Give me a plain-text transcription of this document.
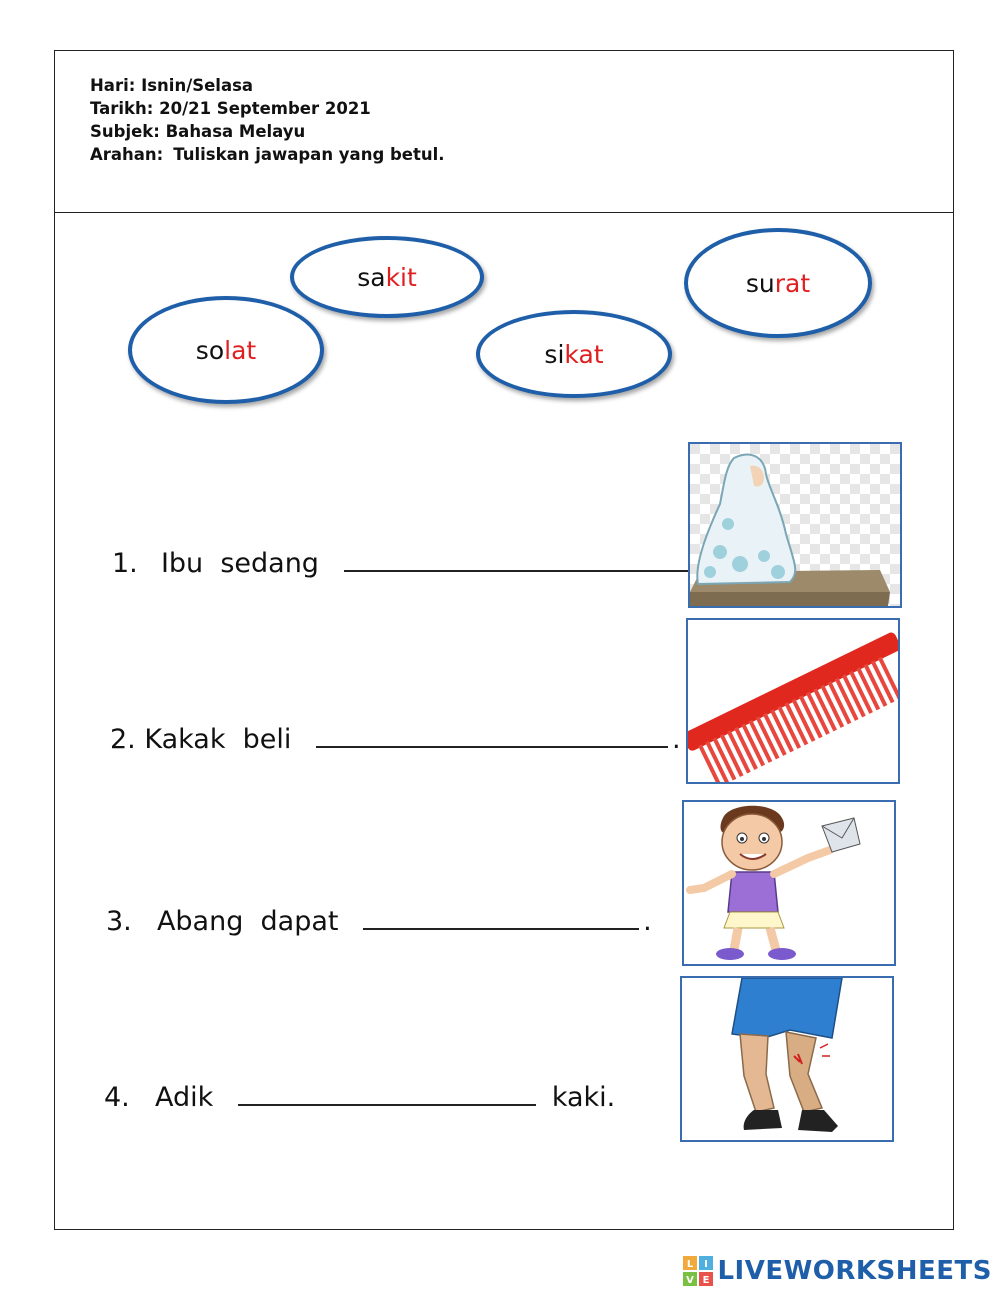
Hari: Isnin/Selasa
Tarikh: 20/21 September 2021
Subjek: Bahasa Melayu
Arahan: Tuliskan jawapan yang betul.
sa kit	su rat
so lat	si kat
1. Ibu  sedang
2. Kakak  beli	.
3. Abang  dapat	.
4. Adik	kaki.
L I
V E LIVEWORKSHEETS
